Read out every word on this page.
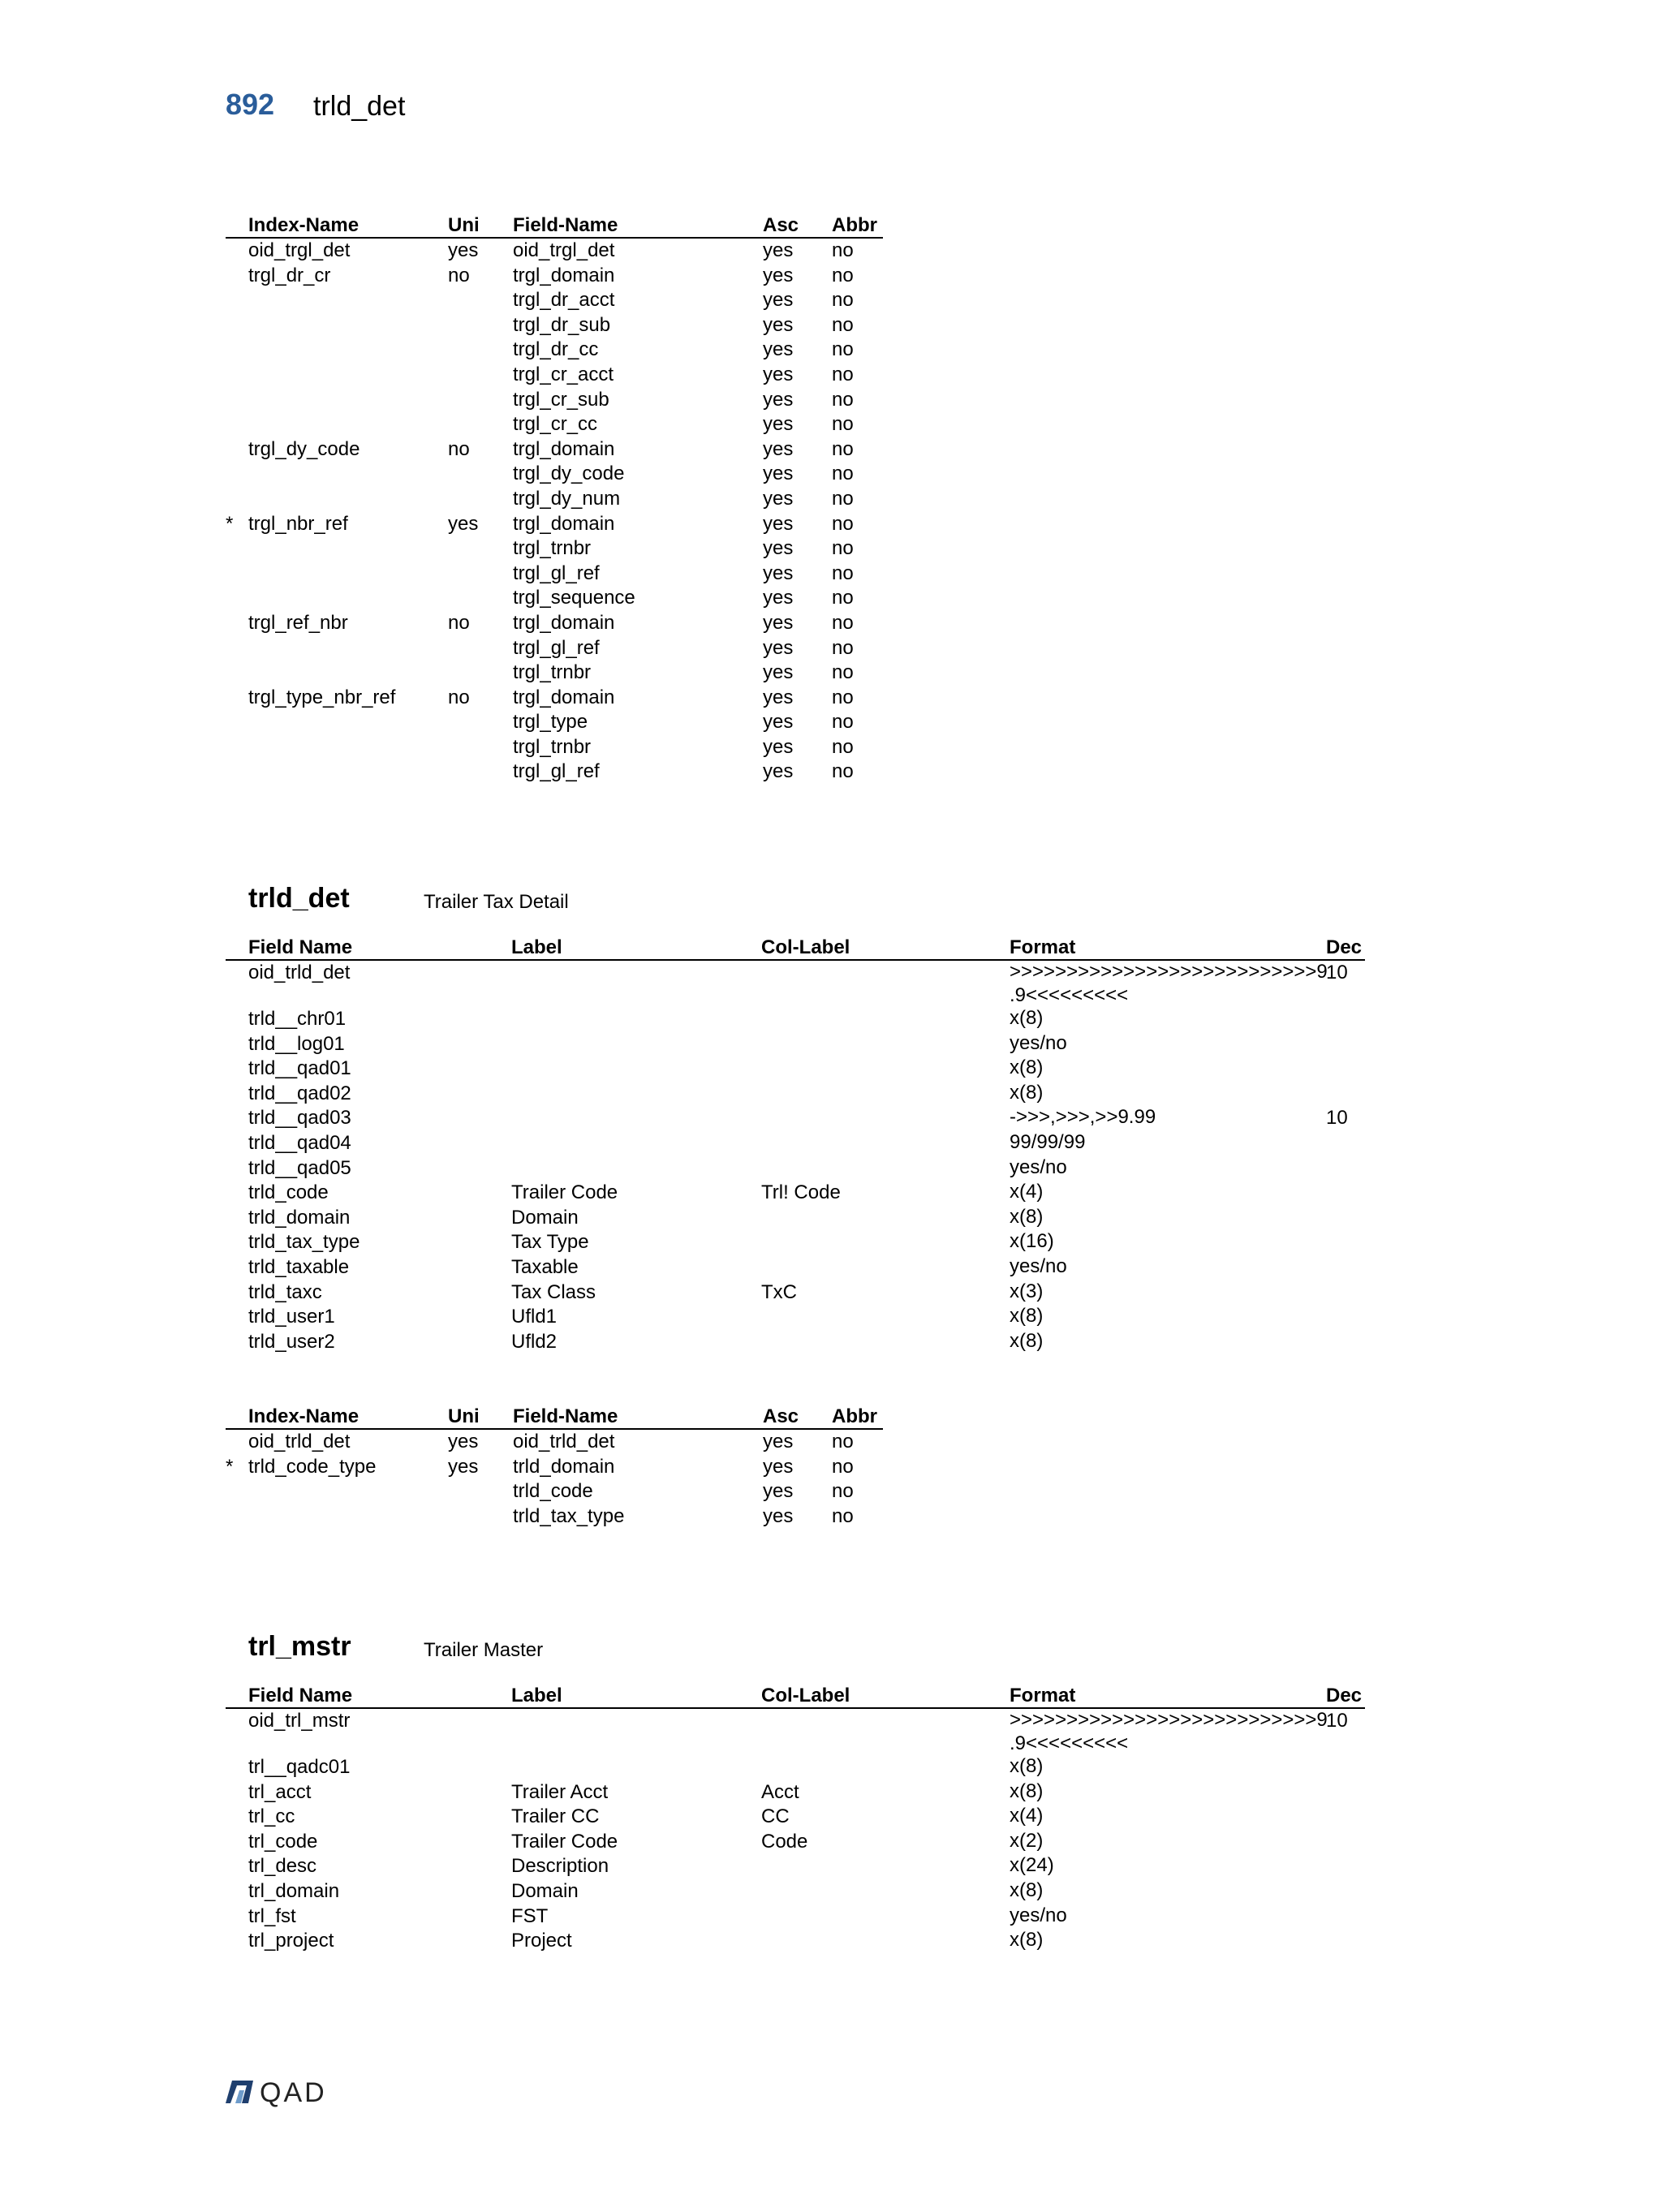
892 trld_det
	Index-Name	Uni	Field-Name	Asc	Abbr
	oid_trgl_det	yes	oid_trgl_det	yes	no
	trgl_dr_cr	no	trgl_domain	yes	no
			trgl_dr_acct	yes	no
			trgl_dr_sub	yes	no
			trgl_dr_cc	yes	no
			trgl_cr_acct	yes	no
			trgl_cr_sub	yes	no
			trgl_cr_cc	yes	no
	trgl_dy_code	no	trgl_domain	yes	no
			trgl_dy_code	yes	no
			trgl_dy_num	yes	no
*	trgl_nbr_ref	yes	trgl_domain	yes	no
			trgl_trnbr	yes	no
			trgl_gl_ref	yes	no
			trgl_sequence	yes	no
	trgl_ref_nbr	no	trgl_domain	yes	no
			trgl_gl_ref	yes	no
			trgl_trnbr	yes	no
	trgl_type_nbr_ref	no	trgl_domain	yes	no
			trgl_type	yes	no
			trgl_trnbr	yes	no
			trgl_gl_ref	yes	no
trld_det	Trailer Tax Detail
	Field Name	Label	Col-Label	Format	Dec
	oid_trld_det			>>>>>>>>>>>>>>>>>>>>>>>>>>>9
.9<<<<<<<<<	10
	trld__chr01			x(8)	

	trld__log01			yes/no	

	trld__qad01			x(8)	

	trld__qad02			x(8)	

	trld__qad03			->>>,>>>,>>9.99	10
	trld__qad04			99/99/99	

	trld__qad05			yes/no	

	trld_code	Trailer Code	Trl! Code	x(4)	

	trld_domain	Domain		x(8)	

	trld_tax_type	Tax Type		x(16)	

	trld_taxable	Taxable		yes/no	

	trld_taxc	Tax Class	TxC	x(3)	

	trld_user1	Ufld1		x(8)	

	trld_user2	Ufld2		x(8)	

	Index-Name	Uni	Field-Name	Asc	Abbr
	oid_trld_det	yes	oid_trld_det	yes	no
*	trld_code_type	yes	trld_domain	yes	no
			trld_code	yes	no
			trld_tax_type	yes	no
trl_mstr	Trailer Master
	Field Name	Label	Col-Label	Format	Dec
	oid_trl_mstr			>>>>>>>>>>>>>>>>>>>>>>>>>>>9
.9<<<<<<<<<	10
	trl__qadc01			x(8)	

	trl_acct	Trailer Acct	Acct	x(8)	

	trl_cc	Trailer CC	CC	x(4)	

	trl_code	Trailer Code	Code	x(2)	

	trl_desc	Description		x(24)	

	trl_domain	Domain		x(8)	

	trl_fst	FST		yes/no	

	trl_project	Project		x(8)	

QAD
